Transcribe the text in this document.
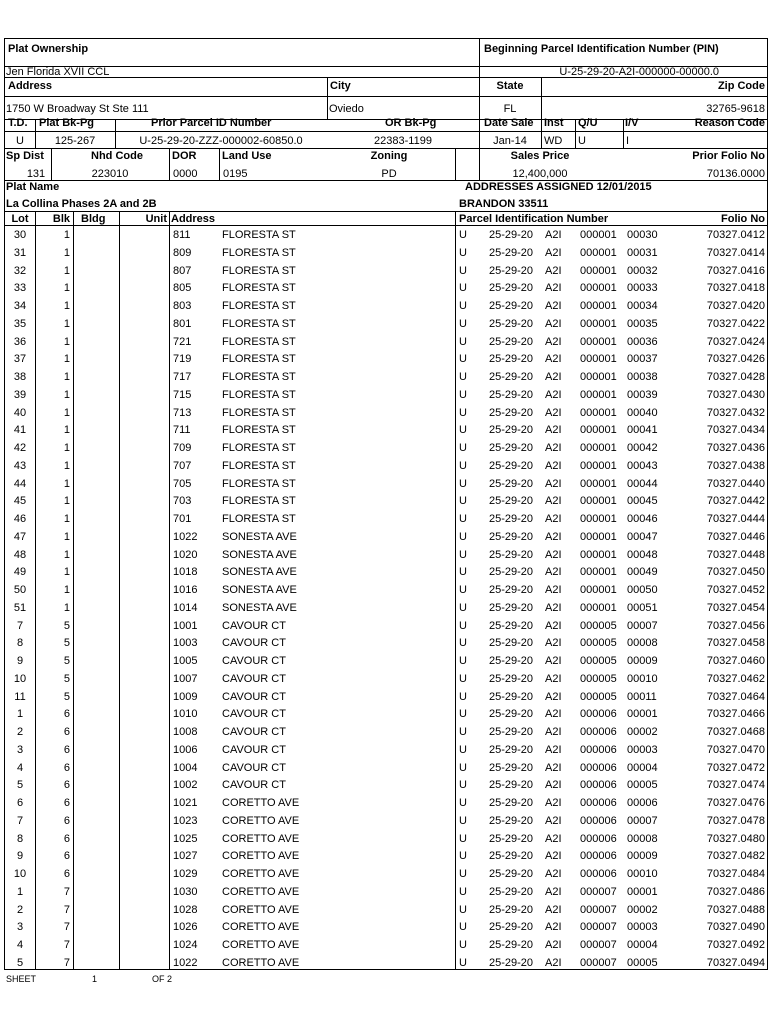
Plat Ownership	Beginning Parcel Identification Number (PIN)
Jen Florida XVII CCL	U-25-29-20-A2I-000000-00000.0
Address	City	State	Zip Code
1750 W Broadway St Ste 111	Oviedo	FL	32765-9618
T.D. Plat Bk-Pg	Prior Parcel ID Number	OR Bk-Pg	Date Sale Inst Q/U I/V	Reason Code
U	125-267	U-25-29-20-ZZZ-000002-60850.0	22383-1199	Jan-14	WD U	I
Sp Dist	Nhd Code	DOR Land Use	Zoning	Sales Price	Prior Folio No
131	223010	0000 0195	PD	12,400,000	70136.0000
Plat Name	ADDRESSES ASSIGNED 12/01/2015
La Collina Phases 2A and 2B	BRANDON 33511
Lot	Blk Bldg	Unit Address	Parcel Identification Number	Folio No
30	1	811	FLORESTA ST	U 25-29-20 A2I 000001 00030	70327.0412
31	1	809	FLORESTA ST	U 25-29-20 A2I 000001 00031	70327.0414
32	1	807	FLORESTA ST	U 25-29-20 A2I 000001 00032	70327.0416
33	1	805	FLORESTA ST	U 25-29-20 A2I 000001 00033	70327.0418
34	1	803	FLORESTA ST	U 25-29-20 A2I 000001 00034	70327.0420
35	1	801	FLORESTA ST	U 25-29-20 A2I 000001 00035	70327.0422
36	1	721	FLORESTA ST	U 25-29-20 A2I 000001 00036	70327.0424
37	1	719	FLORESTA ST	U 25-29-20 A2I 000001 00037	70327.0426
38	1	717	FLORESTA ST	U 25-29-20 A2I 000001 00038	70327.0428
39	1	715	FLORESTA ST	U 25-29-20 A2I 000001 00039	70327.0430
40	1	713	FLORESTA ST	U 25-29-20 A2I 000001 00040	70327.0432
41	1	711	FLORESTA ST	U 25-29-20 A2I 000001 00041	70327.0434
42	1	709	FLORESTA ST	U 25-29-20 A2I 000001 00042	70327.0436
43	1	707	FLORESTA ST	U 25-29-20 A2I 000001 00043	70327.0438
44	1	705	FLORESTA ST	U 25-29-20 A2I 000001 00044	70327.0440
45	1	703	FLORESTA ST	U 25-29-20 A2I 000001 00045	70327.0442
46	1	701	FLORESTA ST	U 25-29-20 A2I 000001 00046	70327.0444
47	1	1022 SONESTA AVE	U 25-29-20 A2I 000001 00047	70327.0446
48	1	1020 SONESTA AVE	U 25-29-20 A2I 000001 00048	70327.0448
49	1	1018 SONESTA AVE	U 25-29-20 A2I 000001 00049	70327.0450
50	1	1016 SONESTA AVE	U 25-29-20 A2I 000001 00050	70327.0452
51	1	1014 SONESTA AVE	U 25-29-20 A2I 000001 00051	70327.0454
7	5	1001 CAVOUR CT	U 25-29-20 A2I 000005 00007	70327.0456
8	5	1003 CAVOUR CT	U 25-29-20 A2I 000005 00008	70327.0458
9	5	1005 CAVOUR CT	U 25-29-20 A2I 000005 00009	70327.0460
10	5	1007 CAVOUR CT	U 25-29-20 A2I 000005 00010	70327.0462
11	5	1009 CAVOUR CT	U 25-29-20 A2I 000005 00011	70327.0464
1	6	1010 CAVOUR CT	U 25-29-20 A2I 000006 00001	70327.0466
2	6	1008 CAVOUR CT	U 25-29-20 A2I 000006 00002	70327.0468
3	6	1006 CAVOUR CT	U 25-29-20 A2I 000006 00003	70327.0470
4	6	1004 CAVOUR CT	U 25-29-20 A2I 000006 00004	70327.0472
5	6	1002 CAVOUR CT	U 25-29-20 A2I 000006 00005	70327.0474
6	6	1021 CORETTO AVE	U 25-29-20 A2I 000006 00006	70327.0476
7	6	1023 CORETTO AVE	U 25-29-20 A2I 000006 00007	70327.0478
8	6	1025 CORETTO AVE	U 25-29-20 A2I 000006 00008	70327.0480
9	6	1027 CORETTO AVE	U 25-29-20 A2I 000006 00009	70327.0482
10	6	1029 CORETTO AVE	U 25-29-20 A2I 000006 00010	70327.0484
1	7	1030 CORETTO AVE	U 25-29-20 A2I 000007 00001	70327.0486
2	7	1028 CORETTO AVE	U 25-29-20 A2I 000007 00002	70327.0488
3	7	1026 CORETTO AVE	U 25-29-20 A2I 000007 00003	70327.0490
4	7	1024 CORETTO AVE	U 25-29-20 A2I 000007 00004	70327.0492
5	7	1022 CORETTO AVE	U 25-29-20 A2I 000007 00005	70327.0494
SHEET	1	OF 2
